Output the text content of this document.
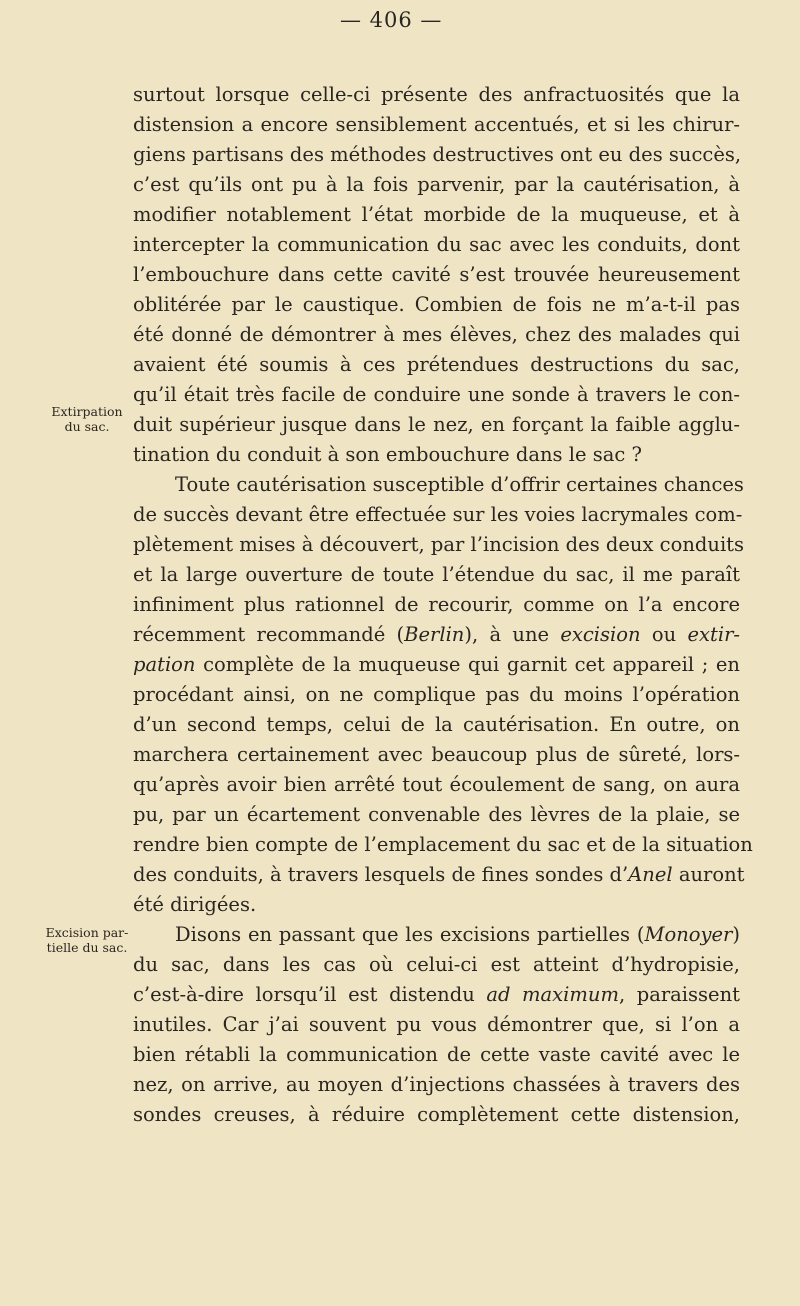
— 406 —
Extirpation
du sac.
Excision par-
tielle du sac.
surtout lorsque celle-ci présente des anfractuosités que la
distension a encore sensiblement accentués, et si les chirur-
giens partisans des méthodes destructives ont eu des succès,
c’est qu’ils ont pu à la fois parvenir, par la cautérisation, à
modifier notablement l’état morbide de la muqueuse, et à
intercepter la communication du sac avec les conduits, dont
l’embouchure dans cette cavité s’est trouvée heureusement
oblitérée par le caustique. Combien de fois ne m’a-t-il pas
été donné de démontrer à mes élèves, chez des malades qui
avaient été soumis à ces prétendues destructions du sac,
qu’il était très facile de conduire une sonde à travers le con-
duit supérieur jusque dans le nez, en forçant la faible agglu-
tination du conduit à son embouchure dans le sac ?
Toute cautérisation susceptible d’offrir certaines chances
de succès devant être effectuée sur les voies lacrymales com-
plètement mises à découvert, par l’incision des deux conduits
et la large ouverture de toute l’étendue du sac, il me paraît
infiniment plus rationnel de recourir, comme on l’a encore
récemment recommandé (Berlin), à une excision ou extir-
pation complète de la muqueuse qui garnit cet appareil ; en
procédant ainsi, on ne complique pas du moins l’opération
d’un second temps, celui de la cautérisation. En outre, on
marchera certainement avec beaucoup plus de sûreté, lors-
qu’après avoir bien arrêté tout écoulement de sang, on aura
pu, par un écartement convenable des lèvres de la plaie, se
rendre bien compte de l’emplacement du sac et de la situation
des conduits, à travers lesquels de fines sondes d’Anel auront
été dirigées.
Disons en passant que les excisions partielles (Monoyer)
du sac, dans les cas où celui-ci est atteint d’hydropisie,
c’est-à-dire lorsqu’il est distendu ad maximum, paraissent
inutiles. Car j’ai souvent pu vous démontrer que, si l’on a
bien rétabli la communication de cette vaste cavité avec le
nez, on arrive, au moyen d’injections chassées à travers des
sondes creuses, à réduire complètement cette distension,
